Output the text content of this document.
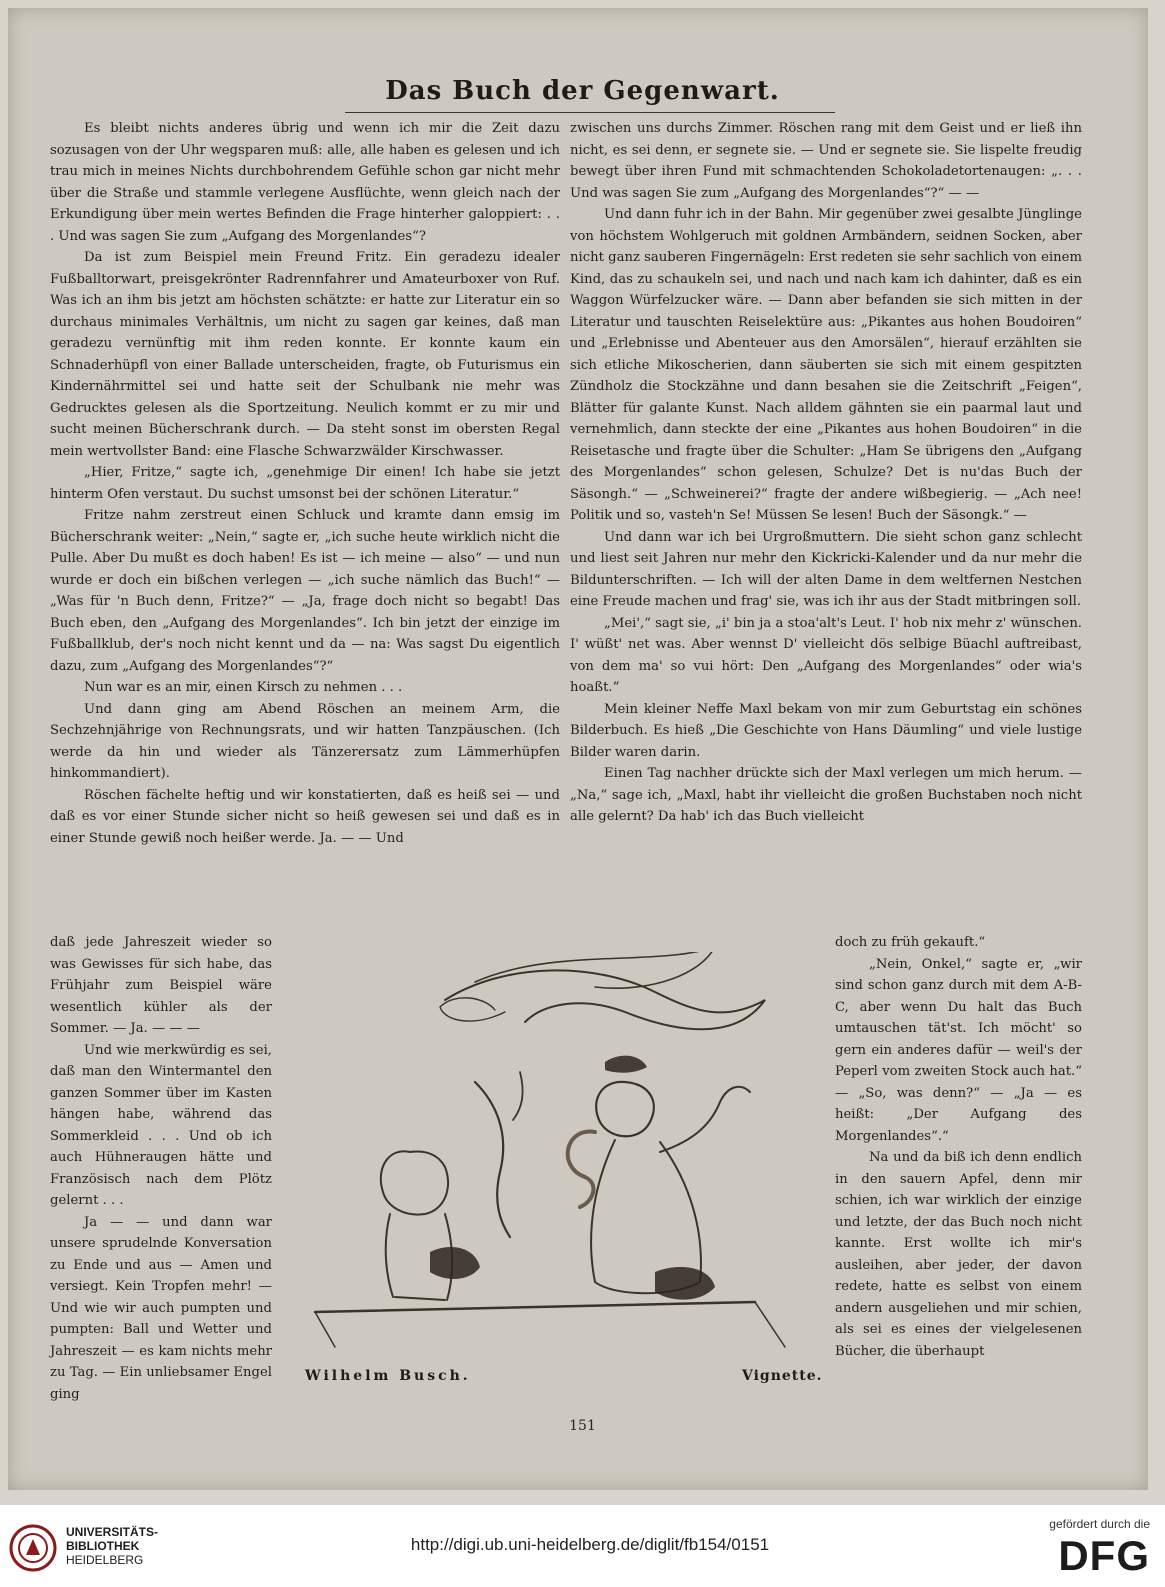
Das Buch der Gegenwart.

Es bleibt nichts anderes übrig und wenn ich mir die Zeit dazu sozusagen von der Uhr wegsparen muß: alle, alle haben es gelesen und ich trau mich in meines Nichts durchbohrendem Gefühle schon gar nicht mehr über die Straße und stammle verlegene Ausflüchte, wenn gleich nach der Erkundigung über mein wertes Befinden die Frage hinterher galoppiert: . . . Und was sagen Sie zum „Aufgang des Morgenlandes“?

Da ist zum Beispiel mein Freund Fritz. Ein geradezu idealer Fußballtorwart, preisgekrönter Radrennfahrer und Amateurboxer von Ruf. Was ich an ihm bis jetzt am höchsten schätzte: er hatte zur Literatur ein so durchaus minimales Verhältnis, um nicht zu sagen gar keines, daß man geradezu vernünftig mit ihm reden konnte. Er konnte kaum ein Schnaderhüpfl von einer Ballade unterscheiden, fragte, ob Futurismus ein Kindernährmittel sei und hatte seit der Schulbank nie mehr was Gedrucktes gelesen als die Sportzeitung. Neulich kommt er zu mir und sucht meinen Bücherschrank durch. — Da steht sonst im obersten Regal mein wertvollster Band: eine Flasche Schwarzwälder Kirschwasser.

„Hier, Fritze,“ sagte ich, „genehmige Dir einen! Ich habe sie jetzt hinterm Ofen verstaut. Du suchst umsonst bei der schönen Literatur.“

Fritze nahm zerstreut einen Schluck und kramte dann emsig im Bücherschrank weiter: „Nein,“ sagte er, „ich suche heute wirklich nicht die Pulle. Aber Du mußt es doch haben! Es ist — ich meine — also“ — und nun wurde er doch ein bißchen verlegen — „ich suche nämlich das Buch!“ — „Was für 'n Buch denn, Fritze?“ — „Ja, frage doch nicht so begabt! Das Buch eben, den „Aufgang des Morgenlandes“. Ich bin jetzt der einzige im Fußballklub, der's noch nicht kennt und da — na: Was sagst Du eigentlich dazu, zum „Aufgang des Morgenlandes“?“

Nun war es an mir, einen Kirsch zu nehmen . . .

Und dann ging am Abend Röschen an meinem Arm, die Sechzehnjährige von Rechnungsrats, und wir hatten Tanzpäuschen. (Ich werde da hin und wieder als Tänzerersatz zum Lämmerhüpfen hinkommandiert).

Röschen fächelte heftig und wir konstatierten, daß es heiß sei — und daß es vor einer Stunde sicher nicht so heiß gewesen sei und daß es in einer Stunde gewiß noch heißer werde. Ja. — — Und

daß jede Jahreszeit wieder so was Gewisses für sich habe, das Frühjahr zum Beispiel wäre wesentlich kühler als der Sommer. — Ja. — — —

Und wie merkwürdig es sei, daß man den Wintermantel den ganzen Sommer über im Kasten hängen habe, während das Sommerkleid . . . Und ob ich auch Hühneraugen hätte und Französisch nach dem Plötz gelernt . . .

Ja — — und dann war unsere sprudelnde Konversation zu Ende und aus — Amen und versiegt. Kein Tropfen mehr! — Und wie wir auch pumpten und pumpten: Ball und Wetter und Jahreszeit — es kam nichts mehr zu Tag. — Ein unliebsamer Engel ging

zwischen uns durchs Zimmer. Röschen rang mit dem Geist und er ließ ihn nicht, es sei denn, er segnete sie. — Und er segnete sie. Sie lispelte freudig bewegt über ihren Fund mit schmachtenden Schokoladetortenaugen: „. . . Und was sagen Sie zum „Aufgang des Morgenlandes“?“ — —

Und dann fuhr ich in der Bahn. Mir gegenüber zwei gesalbte Jünglinge von höchstem Wohlgeruch mit goldnen Armbändern, seidnen Socken, aber nicht ganz sauberen Fingernägeln: Erst redeten sie sehr sachlich von einem Kind, das zu schaukeln sei, und nach und nach kam ich dahinter, daß es ein Waggon Würfelzucker wäre. — Dann aber befanden sie sich mitten in der Literatur und tauschten Reiselektüre aus: „Pikantes aus hohen Boudoiren“ und „Erlebnisse und Abenteuer aus den Amorsälen“, hierauf erzählten sie sich etliche Mikoscherien, dann säuberten sie sich mit einem gespitzten Zündholz die Stockzähne und dann besahen sie die Zeitschrift „Feigen“, Blätter für galante Kunst. Nach alldem gähnten sie ein paarmal laut und vernehmlich, dann steckte der eine „Pikantes aus hohen Boudoiren“ in die Reisetasche und fragte über die Schulter: „Ham Se übrigens den „Aufgang des Morgenlandes“ schon gelesen, Schulze? Det is nu'das Buch der Säsongh.“ — „Schweinerei?“ fragte der andere wißbegierig. — „Ach nee! Politik und so, vasteh'n Se! Müssen Se lesen! Buch der Säsongk.“ —

Und dann war ich bei Urgroßmuttern. Die sieht schon ganz schlecht und liest seit Jahren nur mehr den Kickricki-Kalender und da nur mehr die Bildunterschriften. — Ich will der alten Dame in dem weltfernen Nestchen eine Freude machen und frag' sie, was ich ihr aus der Stadt mitbringen soll.

„Mei',“ sagt sie, „i' bin ja a stoa'alt's Leut. I' hob nix mehr z' wünschen. I' wüßt' net was. Aber wennst D' vielleicht dös selbige Büachl auftreibast, von dem ma' so vui hört: Den „Aufgang des Morgenlandes“ oder wia's hoaßt.“

Mein kleiner Neffe Maxl bekam von mir zum Geburtstag ein schönes Bilderbuch. Es hieß „Die Geschichte von Hans Däumling“ und viele lustige Bilder waren darin.

Einen Tag nachher drückte sich der Maxl verlegen um mich herum. — „Na,“ sage ich, „Maxl, habt ihr vielleicht die großen Buchstaben noch nicht alle gelernt? Da hab' ich das Buch vielleicht

doch zu früh gekauft.“

„Nein, Onkel,“ sagte er, „wir sind schon ganz durch mit dem A-B-C, aber wenn Du halt das Buch umtauschen tät'st. Ich möcht' so gern ein anderes dafür — weil's der Peperl vom zweiten Stock auch hat.“ — „So, was denn?“ — „Ja — es heißt: „Der Aufgang des Morgenlandes“.“

Na und da biß ich denn endlich in den sauern Apfel, denn mir schien, ich war wirklich der einzige und letzte, der das Buch noch nicht kannte. Erst wollte ich mir's ausleihen, aber jeder, der davon redete, hatte es selbst von einem andern ausgeliehen und mir schien, als sei es eines der vielgelesenen Bücher, die überhaupt

Wilhelm Busch.	Vignette.
151
UNIVERSITÄTS-
BIBLIOTHEK
HEIDELBERG
http://digi.ub.uni-heidelberg.de/diglit/fb154/0151
gefördert durch die
DFG
